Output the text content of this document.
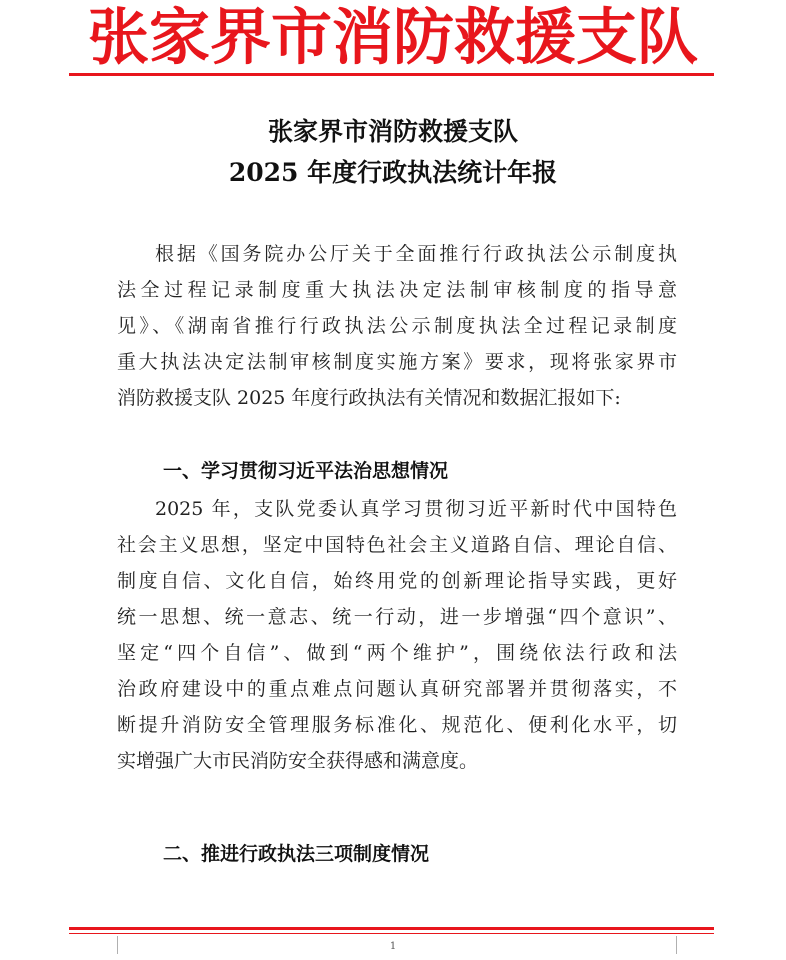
张家界市消防救援支队
张家界市消防救援支队
2025 年度行政执法统计年报
根据《国务院办公厅关于全面推行行政执法公示制度执
法全过程记录制度重大执法决定法制审核制度的指导意
见》、《湖南省推行行政执法公示制度执法全过程记录制度
重大执法决定法制审核制度实施方案》要求，现将张家界市
消防救援支队 2025 年度行政执法有关情况和数据汇报如下:
一、学习贯彻习近平法治思想情况
2025 年，支队党委认真学习贯彻习近平新时代中国特色
社会主义思想，坚定中国特色社会主义道路自信、理论自信、
制度自信、文化自信，始终用党的创新理论指导实践，更好
统一思想、统一意志、统一行动，进一步增强“四个意识”、
坚定“四个自信”、做到“两个维护”，围绕依法行政和法
治政府建设中的重点难点问题认真研究部署并贯彻落实，不
断提升消防安全管理服务标准化、规范化、便利化水平，切
实增强广大市民消防安全获得感和满意度。
二、推进行政执法三项制度情况
1
